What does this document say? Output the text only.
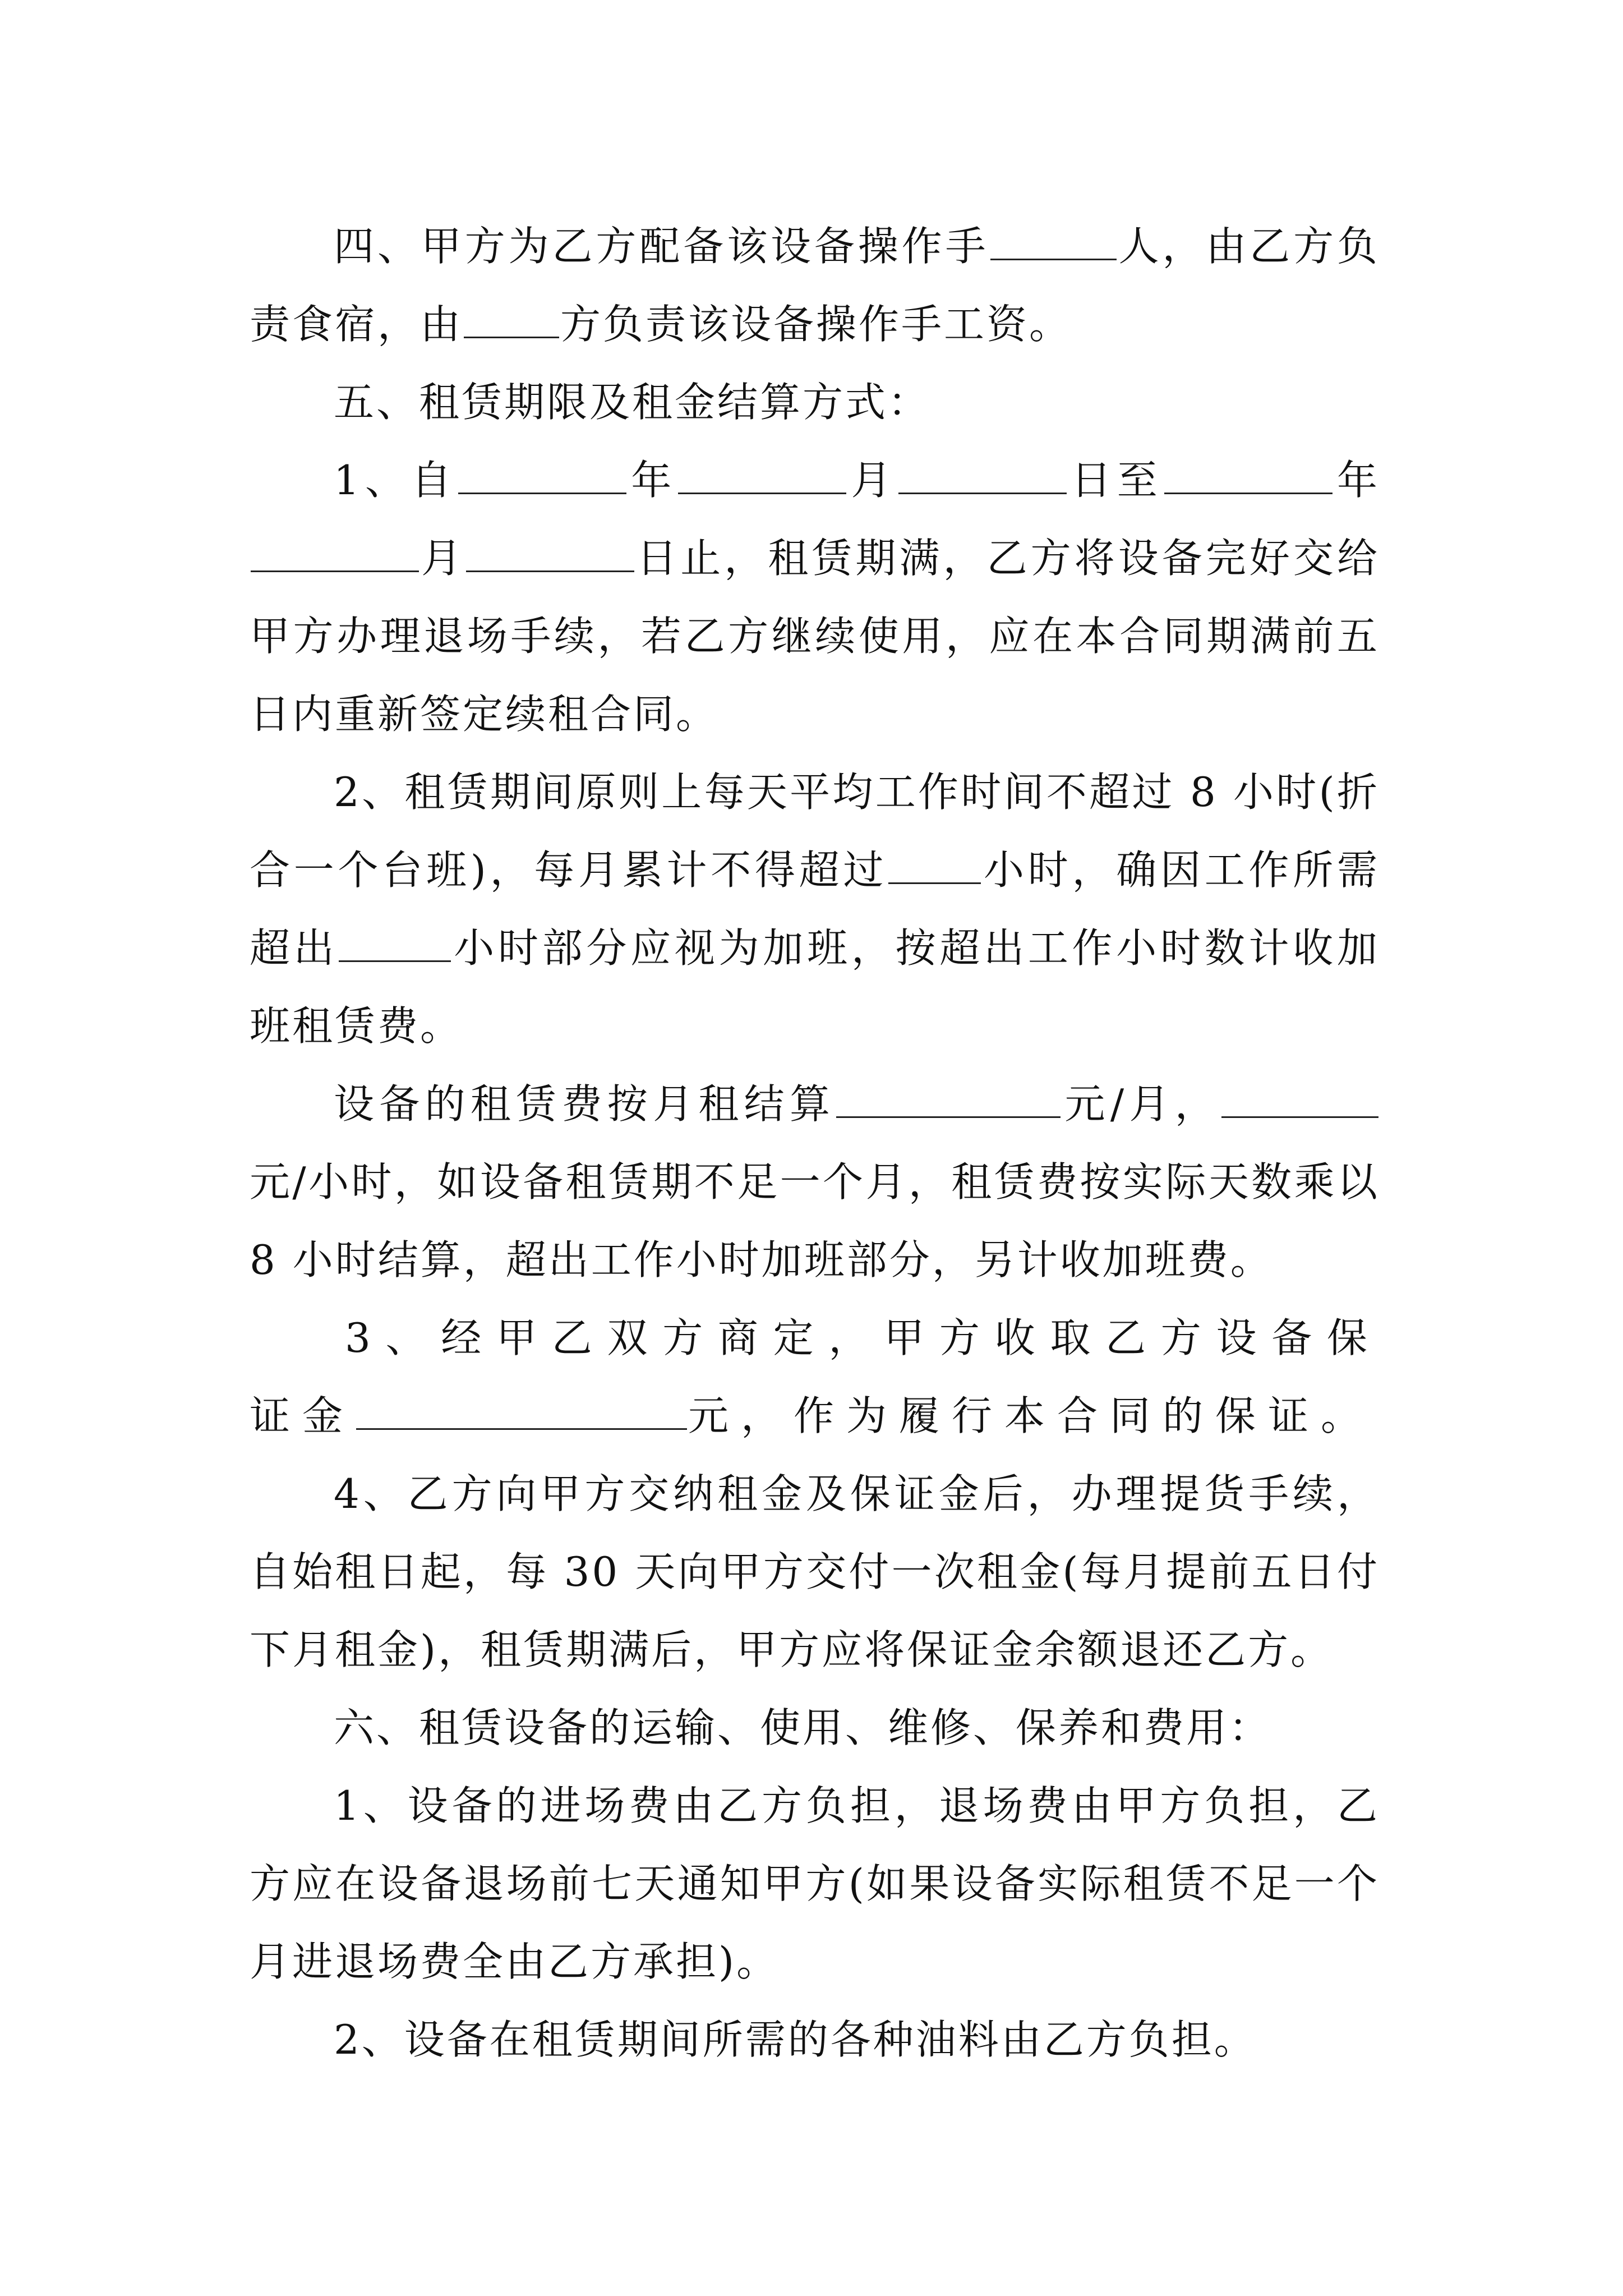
四、甲方为乙方配备该设备操作手	人，由乙方负责食宿，由 方负责该设备操作手工资。

五、租赁期限及租金结算方式：

1、自	年	月	日至	年月	日止，租赁期满，乙方将设备完好交给甲方办理退场手续，若乙方继续使用，应在本合同期满前五日内重新签定续租合同。

2、租赁期间原则上每天平均工作时间不超过 8 小时(折合一个台班)，每月累计不得超过 小时，确因工作所需超出	小时部分应视为加班，按超出工作小时数计收加班租赁费。

设备的租赁费按月租结算	元/月，元/小时，如设备租赁期不足一个月，租赁费按实际天数乘以 8 小时结算，超出工作小时加班部分，另计收加班费。

3、经甲乙双方商定，甲方收取乙方设备保证金	元，作为履行本合同的保证。

4、乙方向甲方交纳租金及保证金后，办理提货手续，自始租日起，每 30 天向甲方交付一次租金(每月提前五日付下月租金)，租赁期满后，甲方应将保证金余额退还乙方。

六、租赁设备的运输、使用、维修、保养和费用：

1、设备的进场费由乙方负担，退场费由甲方负担，乙方应在设备退场前七天通知甲方(如果设备实际租赁不足一个月进退场费全由乙方承担)。

2、设备在租赁期间所需的各种油料由乙方负担。
